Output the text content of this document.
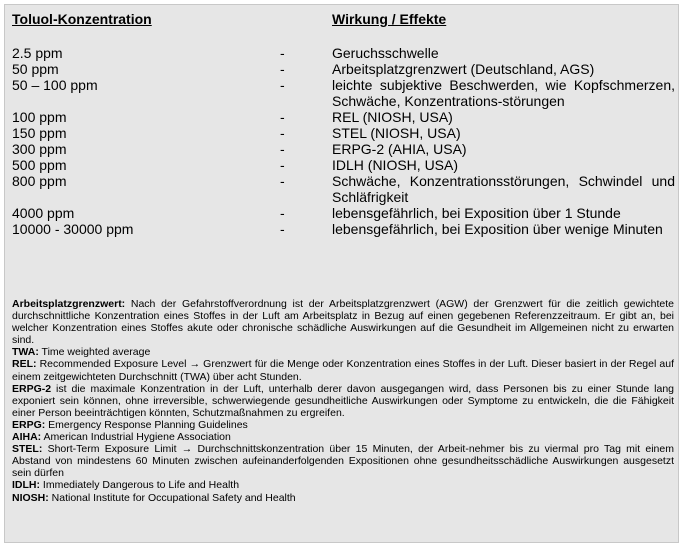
Toluol-Konzentration	Wirkung / Effekte
2.5 ppm	-	Geruchsschwelle
50 ppm	-	Arbeitsplatzgrenzwert (Deutschland, AGS)
50 – 100 ppm	-	leichte subjektive Beschwerden, wie Kopfschmerzen, Schwäche, Konzentrations-störungen
100 ppm	-	REL (NIOSH, USA)
150 ppm	-	STEL (NIOSH, USA)
300 ppm	-	ERPG-2 (AHIA, USA)
500 ppm	-	IDLH (NIOSH, USA)
800 ppm	-	Schwäche, Konzentrationsstörungen, Schwindel und Schläfrigkeit
4000 ppm	-	lebensgefährlich, bei Exposition über 1 Stunde
10000 - 30000 ppm	-	lebensgefährlich, bei Exposition über wenige Minuten

Arbeitsplatzgrenzwert: Nach der Gefahrstoffverordnung ist der Arbeitsplatzgrenzwert (AGW) der Grenzwert für die zeitlich gewichtete durchschnittliche Konzentration eines Stoffes in der Luft am Arbeitsplatz in Bezug auf einen gegebenen Referenzzeitraum. Er gibt an, bei welcher Konzentration eines Stoffes akute oder chronische schädliche Auswirkungen auf die Gesundheit im Allgemeinen nicht zu erwarten sind.

TWA: Time weighted average

REL: Recommended Exposure Level → Grenzwert für die Menge oder Konzentration eines Stoffes in der Luft. Dieser basiert in der Regel auf einem zeitgewichteten Durchschnitt (TWA) über acht Stunden.

ERPG-2 ist die maximale Konzentration in der Luft, unterhalb derer davon ausgegangen wird, dass Personen bis zu einer Stunde lang exponiert sein können, ohne irreversible, schwerwiegende gesundheitliche Auswirkungen oder Symptome zu entwickeln, die die Fähigkeit einer Person beeinträchtigen könnten, Schutzmaßnahmen zu ergreifen.

ERPG: Emergency Response Planning Guidelines

AIHA: American Industrial Hygiene Association

STEL: Short-Term Exposure Limit → Durchschnittskonzentration über 15 Minuten, der Arbeit-nehmer bis zu viermal pro Tag mit einem Abstand von mindestens 60 Minuten zwischen aufeinanderfolgenden Expositionen ohne gesundheitsschädliche Auswirkungen ausgesetzt sein dürfen

IDLH: Immediately Dangerous to Life and Health

NIOSH: National Institute for Occupational Safety and Health
